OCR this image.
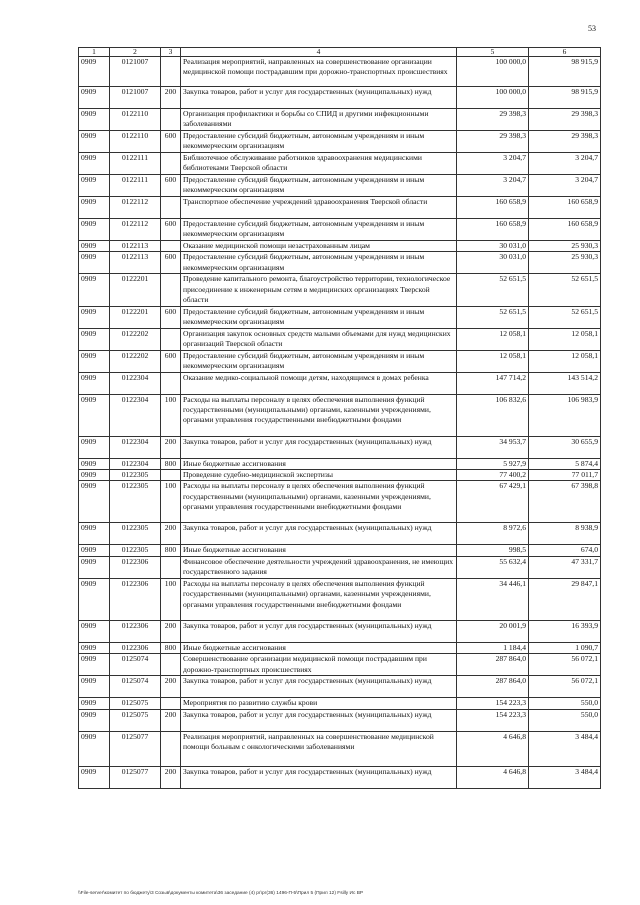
53
1	2	3	4	5	6
0909	0121007		Реализация мероприятий, направленных на совершенствование организации медицинской помощи пострадавшим при дорожно-транспортных происшествиях	100 000,0	98 915,9
0909	0121007	200	Закупка товаров, работ и услуг для государственных (муниципальных) нужд	100 000,0	98 915,9
0909	0122110		Организация профилактики и борьбы со СПИД и другими инфекционными заболеваниями	29 398,3	29 398,3
0909	0122110	600	Предоставление субсидий бюджетным, автономным учреждениям и иным некоммерческим организациям	29 398,3	29 398,3
0909	0122111		Библиотечное обслуживание работников здравоохранения медицинскими библиотеками Тверской области	3 204,7	3 204,7
0909	0122111	600	Предоставление субсидий бюджетным, автономным учреждениям и иным некоммерческим организациям	3 204,7	3 204,7
0909	0122112		Транспортное обеспечение учреждений здравоохранения Тверской области	160 658,9	160 658,9
0909	0122112	600	Предоставление субсидий бюджетным, автономным учреждениям и иным некоммерческим организациям	160 658,9	160 658,9
0909	0122113		Оказание медицинской помощи незастрахованным лицам	30 031,0	25 930,3
0909	0122113	600	Предоставление субсидий бюджетным, автономным учреждениям и иным некоммерческим организациям	30 031,0	25 930,3
0909	0122201		Проведение капитального ремонта, благоустройство территории, технологическое присоединение к инженерным сетям в медицинских организациях Тверской области	52 651,5	52 651,5
0909	0122201	600	Предоставление субсидий бюджетным, автономным учреждениям и иным некоммерческим организациям	52 651,5	52 651,5
0909	0122202		Организация закупок основных средств малыми объемами для нужд медицинских организаций Тверской области	12 058,1	12 058,1
0909	0122202	600	Предоставление субсидий бюджетным, автономным учреждениям и иным некоммерческим организациям	12 058,1	12 058,1
0909	0122304		Оказание медико-социальной помощи детям, находящимся в домах ребенка	147 714,2	143 514,2
0909	0122304	100	Расходы на выплаты персоналу в целях обеспечения выполнения функций государственными (муниципальными) органами, казенными учреждениями, органами управления государственными внебюджетными фондами	106 832,6	106 983,9
0909	0122304	200	Закупка товаров, работ и услуг для государственных (муниципальных) нужд	34 953,7	30 655,9
0909	0122304	800	Иные бюджетные ассигнования	5 927,9	5 874,4
0909	0122305		Проведение судебно-медицинской экспертизы	77 400,2	77 011,7
0909	0122305	100	Расходы на выплаты персоналу в целях обеспечения выполнения функций государственными (муниципальными) органами, казенными учреждениями, органами управления государственными внебюджетными фондами	67 429,1	67 398,8
0909	0122305	200	Закупка товаров, работ и услуг для государственных (муниципальных) нужд	8 972,6	8 938,9
0909	0122305	800	Иные бюджетные ассигнования	998,5	674,0
0909	0122306		Финансовое обеспечение деятельности учреждений здравоохранения, не имеющих государственного задания	55 632,4	47 331,7
0909	0122306	100	Расходы на выплаты персоналу в целях обеспечения выполнения функций государственными (муниципальными) органами, казенными учреждениями, органами управления государственными внебюджетными фондами	34 446,1	29 847,1
0909	0122306	200	Закупка товаров, работ и услуг для государственных (муниципальных) нужд	20 001,9	16 393,9
0909	0122306	800	Иные бюджетные ассигнования	1 184,4	1 090,7
0909	0125074		Совершенствование организации медицинской помощи пострадавшим при дорожно-транспортных происшествиях	287 864,0	56 072,1
0909	0125074	200	Закупка товаров, работ и услуг для государственных (муниципальных) нужд	287 864,0	56 072,1
0909	0125075		Мероприятия по развитию службы крови	154 223,3	550,0
0909	0125075	200	Закупка товаров, работ и услуг для государственных (муниципальных) нужд	154 223,3	550,0
0909	0125077		Реализация мероприятий, направленных на совершенствование медицинской помощи больным с онкологическими заболеваниями	4 646,8	3 484,4
0909	0125077	200	Закупка товаров, работ и услуг для государственных (муниципальных) нужд	4 646,8	3 484,4
\\File-server\комитет по бюджету\3 Созыв\документы комитета\36 заседание (4) рг\рг(36) 1496-П-5\Прил 5 (Прил 12) Fsilly Ис ВР
